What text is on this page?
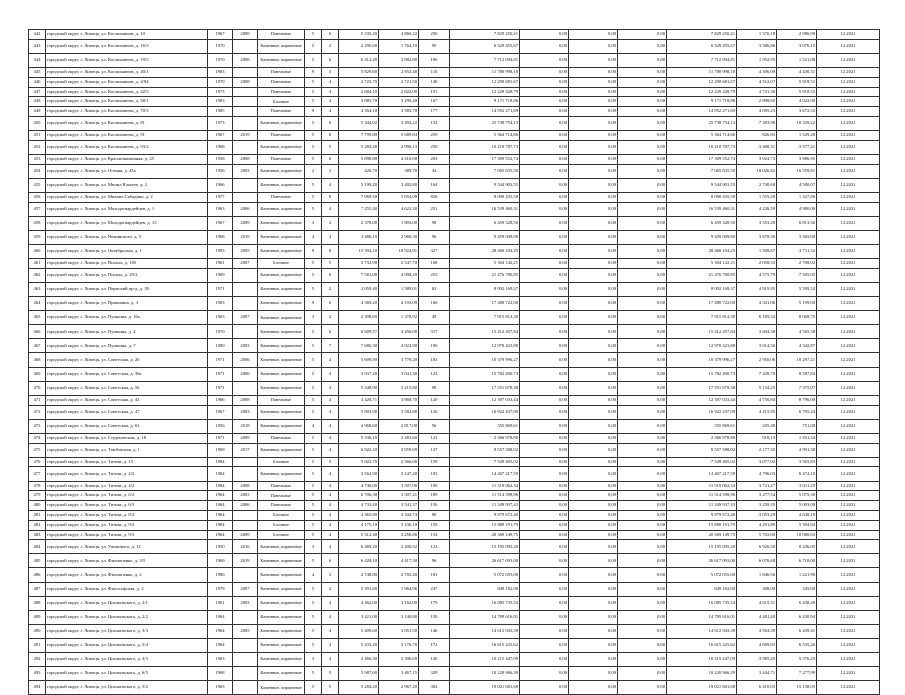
442	городской округ, г. Липецк, ул. Космонавтов, д. 10	1967	2009	Панельные	5	6	5 335,20	4 860,22	250	7 829 250,21	0,00	0,00	0,00	7 829 250,21	1 576,18	2 986,99	12.2021
443	городской округ, г. Липецк, ул. Космонавтов, д. 16/3	1970		Каменные, кирпичные	5	2	2 290,60	1 764,10	90	6 329 455,67	0,00	0,00	0,00	6 329 455,67	3 586,86	3 076,15	12.2021
444	городской округ, г. Липецк, ул. Космонавтов, д. 19/5	1970	2008	Каменные, кирпичные	5	6	6 412,20	3 882,80	196	7 712 094,81	0,00	0,00	0,00	7 712 094,81	1 952,95	1 521,08	12.2021
445	городской округ, г. Липецк, ул. Космонавтов, д. 40/1	1983		Панельные	9	5	5 829,60	2 852,40	110	11 780 998,10	0,00	0,00	0,00	11 780 998,10	4 306,09	4 430,31	12.2021
446	городской округ, г. Липецк, ул. Космонавтов, д. 4/94	1970	2008	Панельные	5	4	2 725,70	2 721,50	140	12 290 681,67	0,00	0,00	0,00	12 290 681,67	4 512,07	5 918,51	12.2021
447	городской округ, г. Липецк, ул. Космонавтов, д. 42/5	1973		Панельные	5	4	2 684,10	2 822,00	191	12 229 428,79	0,00	0,00	0,00	12 229 428,79	4 741,36	5 918,55	12.2021
448	городской округ, г. Липецк, ул. Космонавтов, д. 58/1	1983		Блочные	5	4	3 085,70	3 290,20	167	9 171 718,86	0,00	0,00	0,00	9 171 718,86	2 898,60	4 022,00	12.2021
449	городской округ, г. Липецк, ул. Космонавтов, д. 70/3	1985		Панельные	9	4	4 354,10	3 583,70	177	14 952 271,69	0,00	0,00	0,00	14 952 271,69	4 095,23	3 672,33	12.2021
450	городской округ, г. Липецк, ул. Космонавтов, д. 81	1973		Каменные, кирпичные	5	6	5 344,02	3 494,22	154	25 738 754,13	0,00	0,00	0,00	25 738 754,13	7 303,96	10 339,22	12.2021
451	городской округ, г. Липецк, ул. Космонавтов, д. 91	1967	2019	Панельные	5	8	7 799,80	5 689,84	259	5 364 714,66	0,00	0,00	0,00	5 364 714,66	826,83	1 529,28	12.2021
452	городской округ, г. Липецк, ул. Космонавтов, д. 93/2	1968		Каменные, кирпичные	5	5	5 284,28	2 996,13	250	10 210 787,73	0,00	0,00	0,00	10 210 787,73	3 408,31	3 377,21	12.2021
453	городской округ, г. Липецк, ул. Краснознаменная, д. 25	1958	2008	Панельные	5	6	5 098,80	4 410,00	263	17 309 552,74	0,00	0,00	0,00	17 309 552,74	3 924,73	3 986,95	12.2021
454	городской округ, г. Липецк, ул. Осеняя, д. 43а	1956	2003	Каменные, кирпичные	2	2	426,70	389,70	34	7 065 635,50	0,00	0,00	0,00	7 065 635,50	18 026,82	16 559,81	12.2021
455	городской округ, г. Липецк, ул. Мичил Клычев, д. 2	1966		Каменные, кирпичные	5	4	5 199,20	3 402,80	164	9 544 903,55	0,00	0,00	0,00	9 544 903,55	2 740,68	4 580,07	12.2021
456	городской округ, г. Липецк, ул. Михаил Сабадина, д. 2	1977		Панельные	5	8	7 069,50	5 054,00	826	8 090 435,58	0,00	0,00	0,00	8 090 435,58	1 555,28	1 327,88	12.2021
457	городской округ, г. Липецк, ул. Молодогвардейцев, д. 1	1963	2006	Каменные, кирпичные	5	4	7 255,30	4 622,30	251	16 539 460,31	0,00	0,00	0,00	16 539 460,31	4 226,59	4 980,00	12.2021
458	городской округ, г. Липецк, ул. Молодогвардейцев, д. 15	1967	2009	Каменные, кирпичные	3	2	2 378,00	1 803,00	98	6 459 328,50	0,00	0,00	0,00	6 459 328,50	3 553,28	6 813,56	12.2021
459	городской округ, г. Липецк, ул. Нежинского, д. 5	1968	2019	Каменные, кирпичные	4	4	3 486,10	2 960,30	96	9 459 009,80	0,00	0,00	0,00	9 459 009,80	3 678,36	3 365,00	12.2021
460	городской округ, г. Липецк, ул. Октябрьская, д. 1	1993	2005	Каменные, кирпичные	9	8	15 394,10	10 924,91	327	28 460 104,25	0,00	0,00	0,00	28 460 104,25	1 508,67	2 711,32	12.2021
461	городской округ, г. Липецк, ул. Пихаль, д. 10б	1961	2007	Блочные	5	5	5 732,90	2 547,70	168	5 304 142,21	0,00	0,00	0,00	5 304 142,21	2 058,33	2 708,02	12.2021
462	городской округ, г. Липецк, ул. Пихаль, д. 29/2	1969		Каменные, кирпичные	5	6	7 581,00	4 098,20	255	21 476 780,85	0,00	0,00	0,00	21 476 780,85	4 575,79	7 505,05	12.2021
463	городской округ, г. Липецк, ул. Пермский пр-д, д. 39	1971		Каменные, кирпичные	5	2	2 059,40	1 589,01	63	8 092 169,37	0,00	0,00	0,00	8 092 169,37	4 919,95	5 599,52	12.2021
464	городской округ, г. Липецк, ул. Пришвина, д. 3	1983		Каменные, кирпичные	9	6	4 369,20	4 103,09	166	17 488 722,00	0,00	0,00	0,00	17 488 722,00	4 341,06	5 199,00	12.2021
465	городской округ, г. Липецк, ул. Пушкина, д. 16а	1963	2007	Каменные, кирпичные	3	2	2 398,60	1 378,92	49	7 915 814,30	0,00	0,00	0,00	7 915 814,30	6 185,34	8 068,75	12.2021
466	городской округ, г. Липецк, ул. Пушкина, д. 4	1970		Каменные, кирпичные	5	6	6 609,57	4 456,00	317	15 412 457,84	0,00	0,00	0,00	15 412 457,84	3 604,38	4 565,38	12.2021
467	городской округ, г. Липецк, ул. Пушкина, д. 7	1980	2003	Каменные, кирпичные	5	7	7 686,30	4 922,90	196	12 970 423,88	0,00	0,00	0,00	12 970 423,88	3 014,56	4 342,87	12.2021
468	городской округ, г. Липецк, ул. Советская, д. 26	1971	2006	Каменные, кирпичные	5	4	5 609,80	3 778,20	183	10 379 996,27	0,00	0,00	0,00	10 379 996,27	2 950,06	10 297,21	12.2021
469	городской округ, г. Липецк, ул. Советская, д. 36а	1971	2006	Каменные, кирпичные	5	4	3 937,20	3 041,30	123	15 782 490,73	0,00	0,00	0,00	15 782 490,73	7 438,70	8 587,84	12.2021
470	городской округ, г. Липецк, ул. Советская, д. 56	1971		Каменные, кирпичные	5	3	5 348,90	3 215,80	98	17 551 678,38	0,00	0,00	0,00	17 551 678,38	5 134,25	7 375,07	12.2021
471	городской округ, г. Липецк, ул. Советская, д. 43	1966	2008	Панельные	5	4	4 428,71	3 868,70	120	12 397 033,44	0,00	0,00	0,00	12 397 033,44	4 750,84	8 796,00	12.2021
472	городской округ, г. Липецк, ул. Советская, д. 47	1967	2003	Каменные, кирпичные	5	4	5 903,90	3 582,88	126	16 922 437,09	0,00	0,00	0,00	16 922 437,09	4 415,85	6 795,24	12.2021
473	городской округ, г. Липецк, ул. Советская, д. 63	1956	2018	Каменные, кирпичные	4	4	4 968,60	2 817,00	56	355 869,61	0,00	0,00	0,00	355 869,61	205,48	751,08	12.2021
474	городской округ, г. Липецк, ул. Студенческая, д. 18	1971	2009	Панельные	5	4	5 336,10	2 483,60	121	2 366 978,80	0,00	0,00	0,00	2 366 978,80	918,13	1 331,34	12.2021
475	городской округ, г. Липецк, ул. Тамбовская, д. 1	1969	2017	Каменные, кирпичные	5	4	6 922,10	3 959,69	137	8 557 588,02	0,00	0,00	0,00	8 557 588,02	2 177,35	4 991,38	12.2021
476	городской округ, г. Липецк, ул. Титова, д. 15	1984		Блочные	5	5	5 022,70	2 566,00	159	7 549 405,02	0,00	0,00	0,00	7 549 405,02	3 077,02	3 565,83	12.2021
477	городской округ, г. Липецк, ул. Титова, д. 2/2	1984		Каменные, кирпичные	5	4	3 562,90	3 147,20	103	14 467 217,59	0,00	0,00	0,00	14 467 217,59	4 796,03	6 474,10	12.2021
478	городской округ, г. Липецк, ул. Титова, д. 4/2	1984	2008	Панельные	5	4	4 746,00	3 507,00	190	11 519 062,34	0,00	0,00	0,00	11 519 062,34	3 721,27	3 011,25	12.2021
479	городской округ, г. Липецк, ул. Титова, д. 6/2	1964	2003	Панельные	5	4	6 706,30	3 507,21	189	11 514 598,96	0,00	0,00	0,00	11 514 598,96	3 277,54	5 075,30	12.2021
480	городской округ, г. Липецк, ул. Титова, д. 6/3	1964	2006	Панельные	5	4	4 733,40	3 541,37	156	11 349 937,43	0,00	0,00	0,00	11 349 937,43	3 259,35	5 003,08	12.2021
481	городской округ, г. Липецк, ул. Титова, д. 8/2	1964		Блочные	5	4	4 365,80	3 344,74	80	9 879 672,40	0,00	0,00	0,00	9 879 672,40	3 053,29	4 648,19	12.2021
482	городской округ, г. Липецк, ул. Титова, д. 9/2	1984		Блочные	5	4	4 175,10	3 236,10	159	15 880 191,79	0,00	0,00	0,00	15 880 191,79	4 291,89	5 394,84	12.2021
483	городской округ, г. Липецк, ул. Титова, д. 9/3	1964	2009	Блочные	5	4	5 312,40	3 258,86	154	20 369 149,75	0,00	0,00	0,00	20 369 149,75	5 702,00	10 080,63	12.2021
484	городской округ, г. Липецк, ул. Ушакового, д. 12	1950	2016	Каменные, кирпичные	3	4	6 469,20	2 490,92	123	15 195 095,20	0,00	0,00	0,00	15 195 095,20	6 926,50	8 436,05	12.2021
485	городской округ, г. Липецк, ул. Филиппенко, д. 3/5	1969	2019	Каменные, кирпичные	5	6	6 428,10	4 417,30	96	26 617 093,00	0,00	0,00	0,00	26 617 093,00	6 076,68	6 718,08	12.2021
486	городской округ, г. Липецк, ул. Филиппенко, д. 2	1986		Каменные, кирпичные	4	2	2 748,80	2 702,40	181	5 072 055,00	0,00	0,00	0,00	5 072 055,00	1 846,56	1 221,90	12.2021
487	городской округ, г. Липецк, ул. Философская, д. 2	1979	2007	Каменные, кирпичные	5	2	5 391,80	1 964,96	247	849 182,00	0,00	0,00	0,00	849 182,00	308,00	345,00	12.2021
488	городской округ, г. Липецк, ул. Циолковского, д. 2/1	1961	2003	Каменные, кирпичные	5	4	4 462,60	3 162,00	179	16 085 735,54	0,00	0,00	0,00	16 085 735,54	4 615,31	6 438,49	12.2021
489	городской округ, г. Липецк, ул. Циолковского, д. 2/2	1964		Каменные, кирпичные	5	4	3 421,00	3 140,80	150	14 789 616,01	0,00	0,00	0,00	14 789 616,01	4 481,40	6 430,94	12.2021
490	городской округ, г. Липецк, ул. Циолковского, д. 3/3	1964	2005	Каменные, кирпичные	5	4	5 409,60	3 051,50	146	14 612 943,39	0,00	0,00	0,00	14 612 943,39	4 564,39	6 439,41	12.2021
491	городской округ, г. Липецк, ул. Циолковского, д. 3/4	1964		Каменные, кирпичные	5	4	5 433,20	3 176,70	172	16 615 225,62	0,00	0,00	0,00	16 615 225,62	4 609,83	6 535,26	12.2021
492	городской округ, г. Липецк, ул. Циолковского, д. 4/3	1963		Каменные, кирпичные	3	4	3 466,30	3 396,69	120	10 215 447,09	0,00	0,00	0,00	10 215 447,09	3 985,45	5 376,29	12.2021
493	городской округ, г. Липецк, ул. Циолковского, д. 6/5	1968		Каменные, кирпичные	5	5	5 987,60	3 467,15	329	10 220 966,39	0,00	0,00	0,00	10 220 966,39	3 444,71	7 277,99	12.2021
494	городской округ, г. Липецк, ул. Циолковского, д. 5/2	1963		Каменные, кирпичные	5	5	5 284,20	2 967,20	302	19 021 681,68	0,00	0,00	0,00	19 021 681,68	6 410,05	15 138,05	12.2021
